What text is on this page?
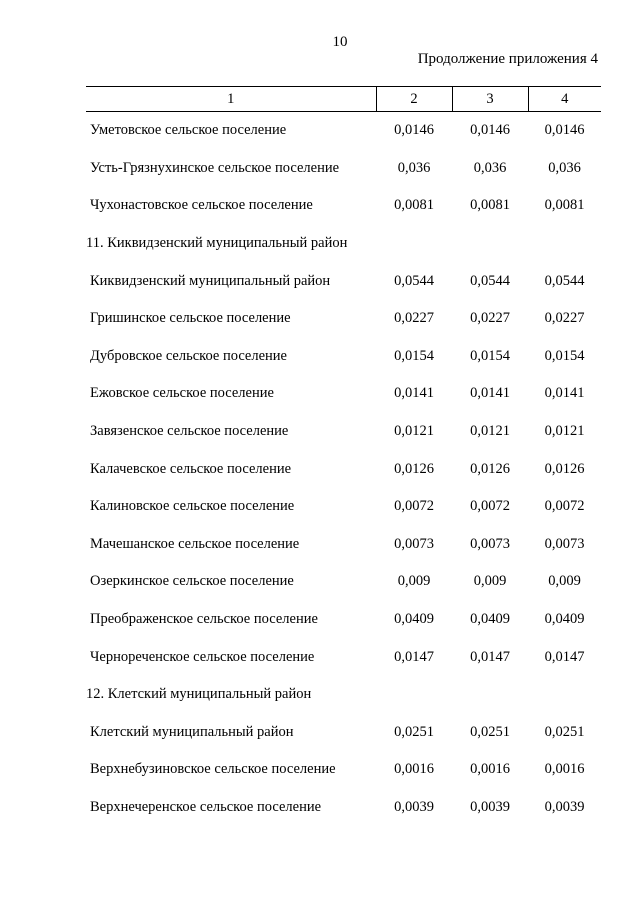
10
Продолжение приложения 4
1	2	3	4
Уметовское сельское поселение	0,0146	0,0146	0,0146
Усть-Грязнухинское сельское поселение	0,036	0,036	0,036
Чухонастовское сельское поселение	0,0081	0,0081	0,0081
11. Киквидзенский муниципальный район			
Киквидзенский муниципальный район	0,0544	0,0544	0,0544
Гришинское сельское поселение	0,0227	0,0227	0,0227
Дубровское сельское поселение	0,0154	0,0154	0,0154
Ежовское сельское поселение	0,0141	0,0141	0,0141
Завязенское сельское поселение	0,0121	0,0121	0,0121
Калачевское сельское поселение	0,0126	0,0126	0,0126
Калиновское сельское поселение	0,0072	0,0072	0,0072
Мачешанское сельское поселение	0,0073	0,0073	0,0073
Озеркинское сельское поселение	0,009	0,009	0,009
Преображенское сельское поселение	0,0409	0,0409	0,0409
Чернореченское сельское поселение	0,0147	0,0147	0,0147
12. Клетский муниципальный район			
Клетский муниципальный район	0,0251	0,0251	0,0251
Верхнебузиновское сельское поселение	0,0016	0,0016	0,0016
Верхнечеренское сельское поселение	0,0039	0,0039	0,0039
